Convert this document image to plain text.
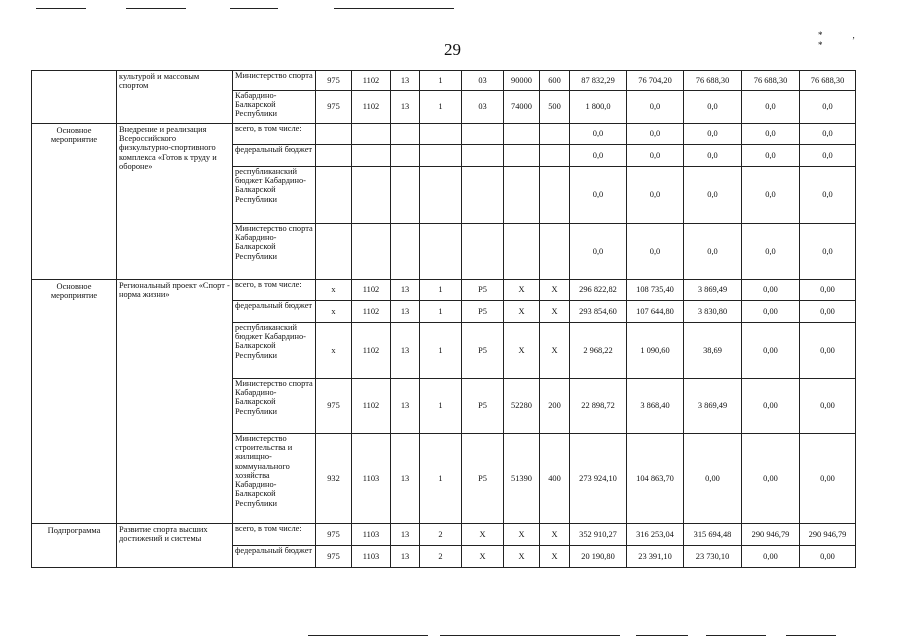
*, *
29
	культурой и массовым спортом	Министерство спорта	975	1102	13	1	03	90000	600	87 832,29	76 704,20	76 688,30	76 688,30	76 688,30
		Кабардино-Балкарской Республики	975	1102	13	1	03	74000	500	1 800,0	0,0	0,0	0,0	0,0
Основное мероприятие	Внедрение и реализация Всероссийского физкультурно-спортивного комплекса «Готов к труду и обороне»	всего, в том числе:								0,0	0,0	0,0	0,0	0,0
		федеральный бюджет								0,0	0,0	0,0	0,0	0,0
		республиканский бюджет Кабардино-Балкарской Республики								0,0	0,0	0,0	0,0	0,0
		Министерство спорта Кабардино-Балкарской Республики								0,0	0,0	0,0	0,0	0,0
Основное мероприятие	Региональный проект «Спорт - норма жизни»	всего, в том числе:	х	1102	13	1	Р5	Х	Х	296 822,82	108 735,40	3 869,49	0,00	0,00
		федеральный бюджет	х	1102	13	1	Р5	Х	Х	293 854,60	107 644,80	3 830,80	0,00	0,00
		республиканский бюджет Кабардино-Балкарской Республики	х	1102	13	1	Р5	Х	Х	2 968,22	1 090,60	38,69	0,00	0,00
		Министерство спорта Кабардино-Балкарской Республики	975	1102	13	1	Р5	52280	200	22 898,72	3 868,40	3 869,49	0,00	0,00
		Министерство строительства и жилищно-коммунального хозяйства Кабардино-Балкарской Республики	932	1103	13	1	Р5	51390	400	273 924,10	104 863,70	0,00	0,00	0,00
Подпрограмма	Развитие спорта высших достижений и системы	всего, в том числе:	975	1103	13	2	Х	Х	Х	352 910,27	316 253,04	315 694,48	290 946,79	290 946,79
		федеральный бюджет	975	1103	13	2	Х	Х	Х	20 190,80	23 391,10	23 730,10	0,00	0,00
